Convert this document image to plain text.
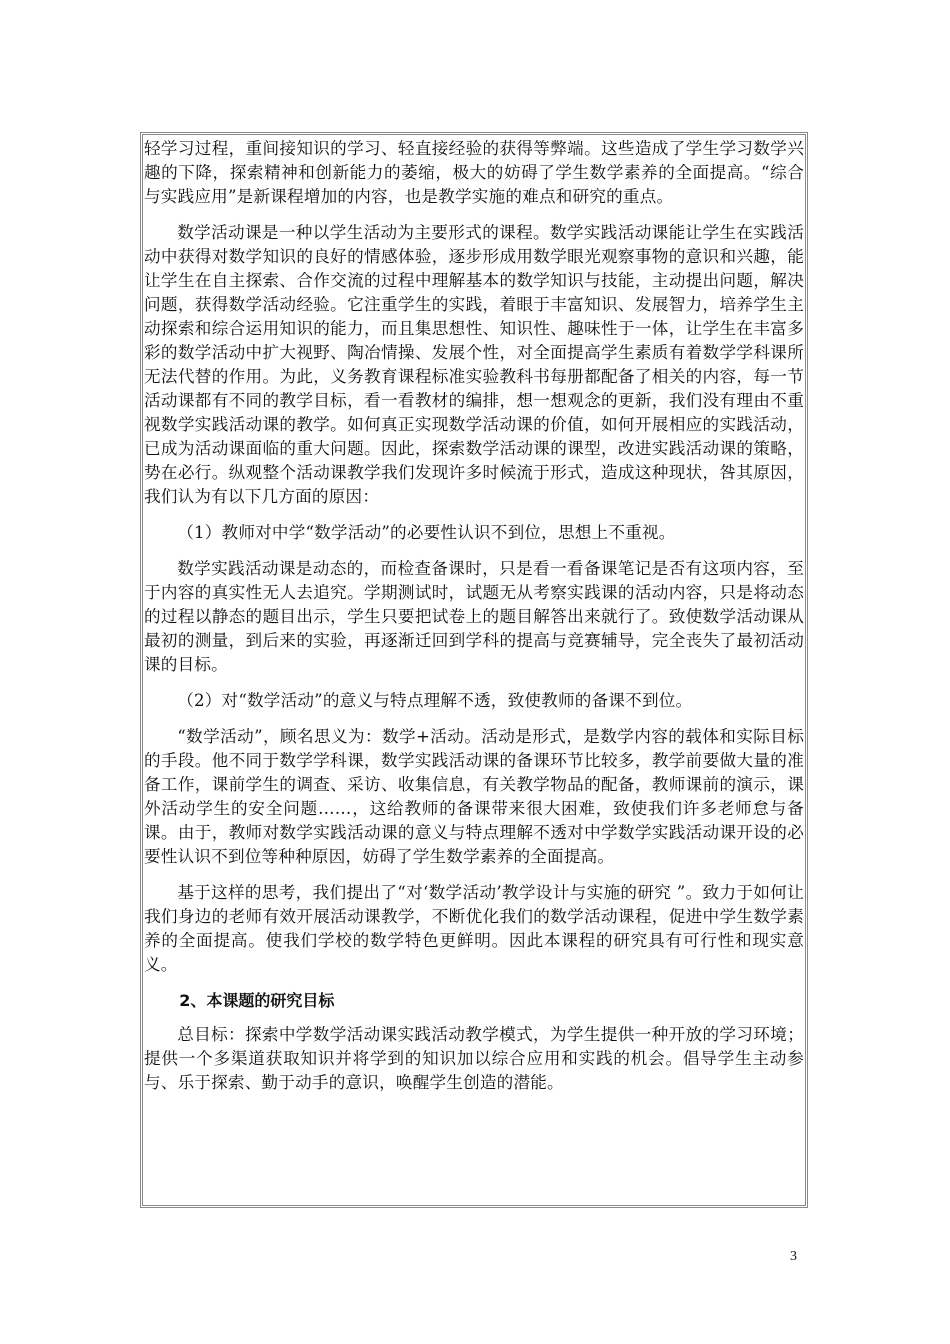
轻学习过程，重间接知识的学习、轻直接经验的获得等弊端。这些造成了学生学习数学兴趣的下降，探索精神和创新能力的萎缩，极大的妨碍了学生数学素养的全面提高。“综合与实践应用”是新课程增加的内容，也是教学实施的难点和研究的重点。

数学活动课是一种以学生活动为主要形式的课程。数学实践活动课能让学生在实践活动中获得对数学知识的良好的情感体验，逐步形成用数学眼光观察事物的意识和兴趣，能让学生在自主探索、合作交流的过程中理解基本的数学知识与技能，主动提出问题，解决问题，获得数学活动经验。它注重学生的实践，着眼于丰富知识、发展智力，培养学生主动探索和综合运用知识的能力，而且集思想性、知识性、趣味性于一体，让学生在丰富多彩的数学活动中扩大视野、陶冶情操、发展个性，对全面提高学生素质有着数学学科课所无法代替的作用。为此，义务教育课程标准实验教科书每册都配备了相关的内容，每一节活动课都有不同的教学目标，看一看教材的编排，想一想观念的更新，我们没有理由不重视数学实践活动课的教学。如何真正实现数学活动课的价值，如何开展相应的实践活动，已成为活动课面临的重大问题。因此，探索数学活动课的课型，改进实践活动课的策略，势在必行。纵观整个活动课教学我们发现许多时候流于形式，造成这种现状，咎其原因，我们认为有以下几方面的原因：

（1）教师对中学“数学活动”的必要性认识不到位，思想上不重视。

数学实践活动课是动态的，而检查备课时，只是看一看备课笔记是否有这项内容，至于内容的真实性无人去追究。学期测试时，试题无从考察实践课的活动内容，只是将动态的过程以静态的题目出示，学生只要把试卷上的题目解答出来就行了。致使数学活动课从最初的测量，到后来的实验，再逐渐迁回到学科的提高与竞赛辅导，完全丧失了最初活动课的目标。

（2）对“数学活动”的意义与特点理解不透，致使教师的备课不到位。

“数学活动”，顾名思义为：数学+活动。活动是形式，是数学内容的载体和实际目标的手段。他不同于数学学科课，数学实践活动课的备课环节比较多，教学前要做大量的准备工作，课前学生的调查、采访、收集信息，有关教学物品的配备，教师课前的演示，课外活动学生的安全问题……，这给教师的备课带来很大困难，致使我们许多老师怠与备课。由于，教师对数学实践活动课的意义与特点理解不透对中学数学实践活动课开设的必要性认识不到位等种种原因，妨碍了学生数学素养的全面提高。

基于这样的思考，我们提出了“对‘数学活动’教学设计与实施的研究 ”。致力于如何让我们身边的老师有效开展活动课教学，不断优化我们的数学活动课程，促进中学生数学素养的全面提高。使我们学校的数学特色更鲜明。因此本课程的研究具有可行性和现实意义。

2、本课题的研究目标

总目标：探索中学数学活动课实践活动教学模式，为学生提供一种开放的学习环境；提供一个多渠道获取知识并将学到的知识加以综合应用和实践的机会。倡导学生主动参与、乐于探索、勤于动手的意识，唤醒学生创造的潜能。

3
